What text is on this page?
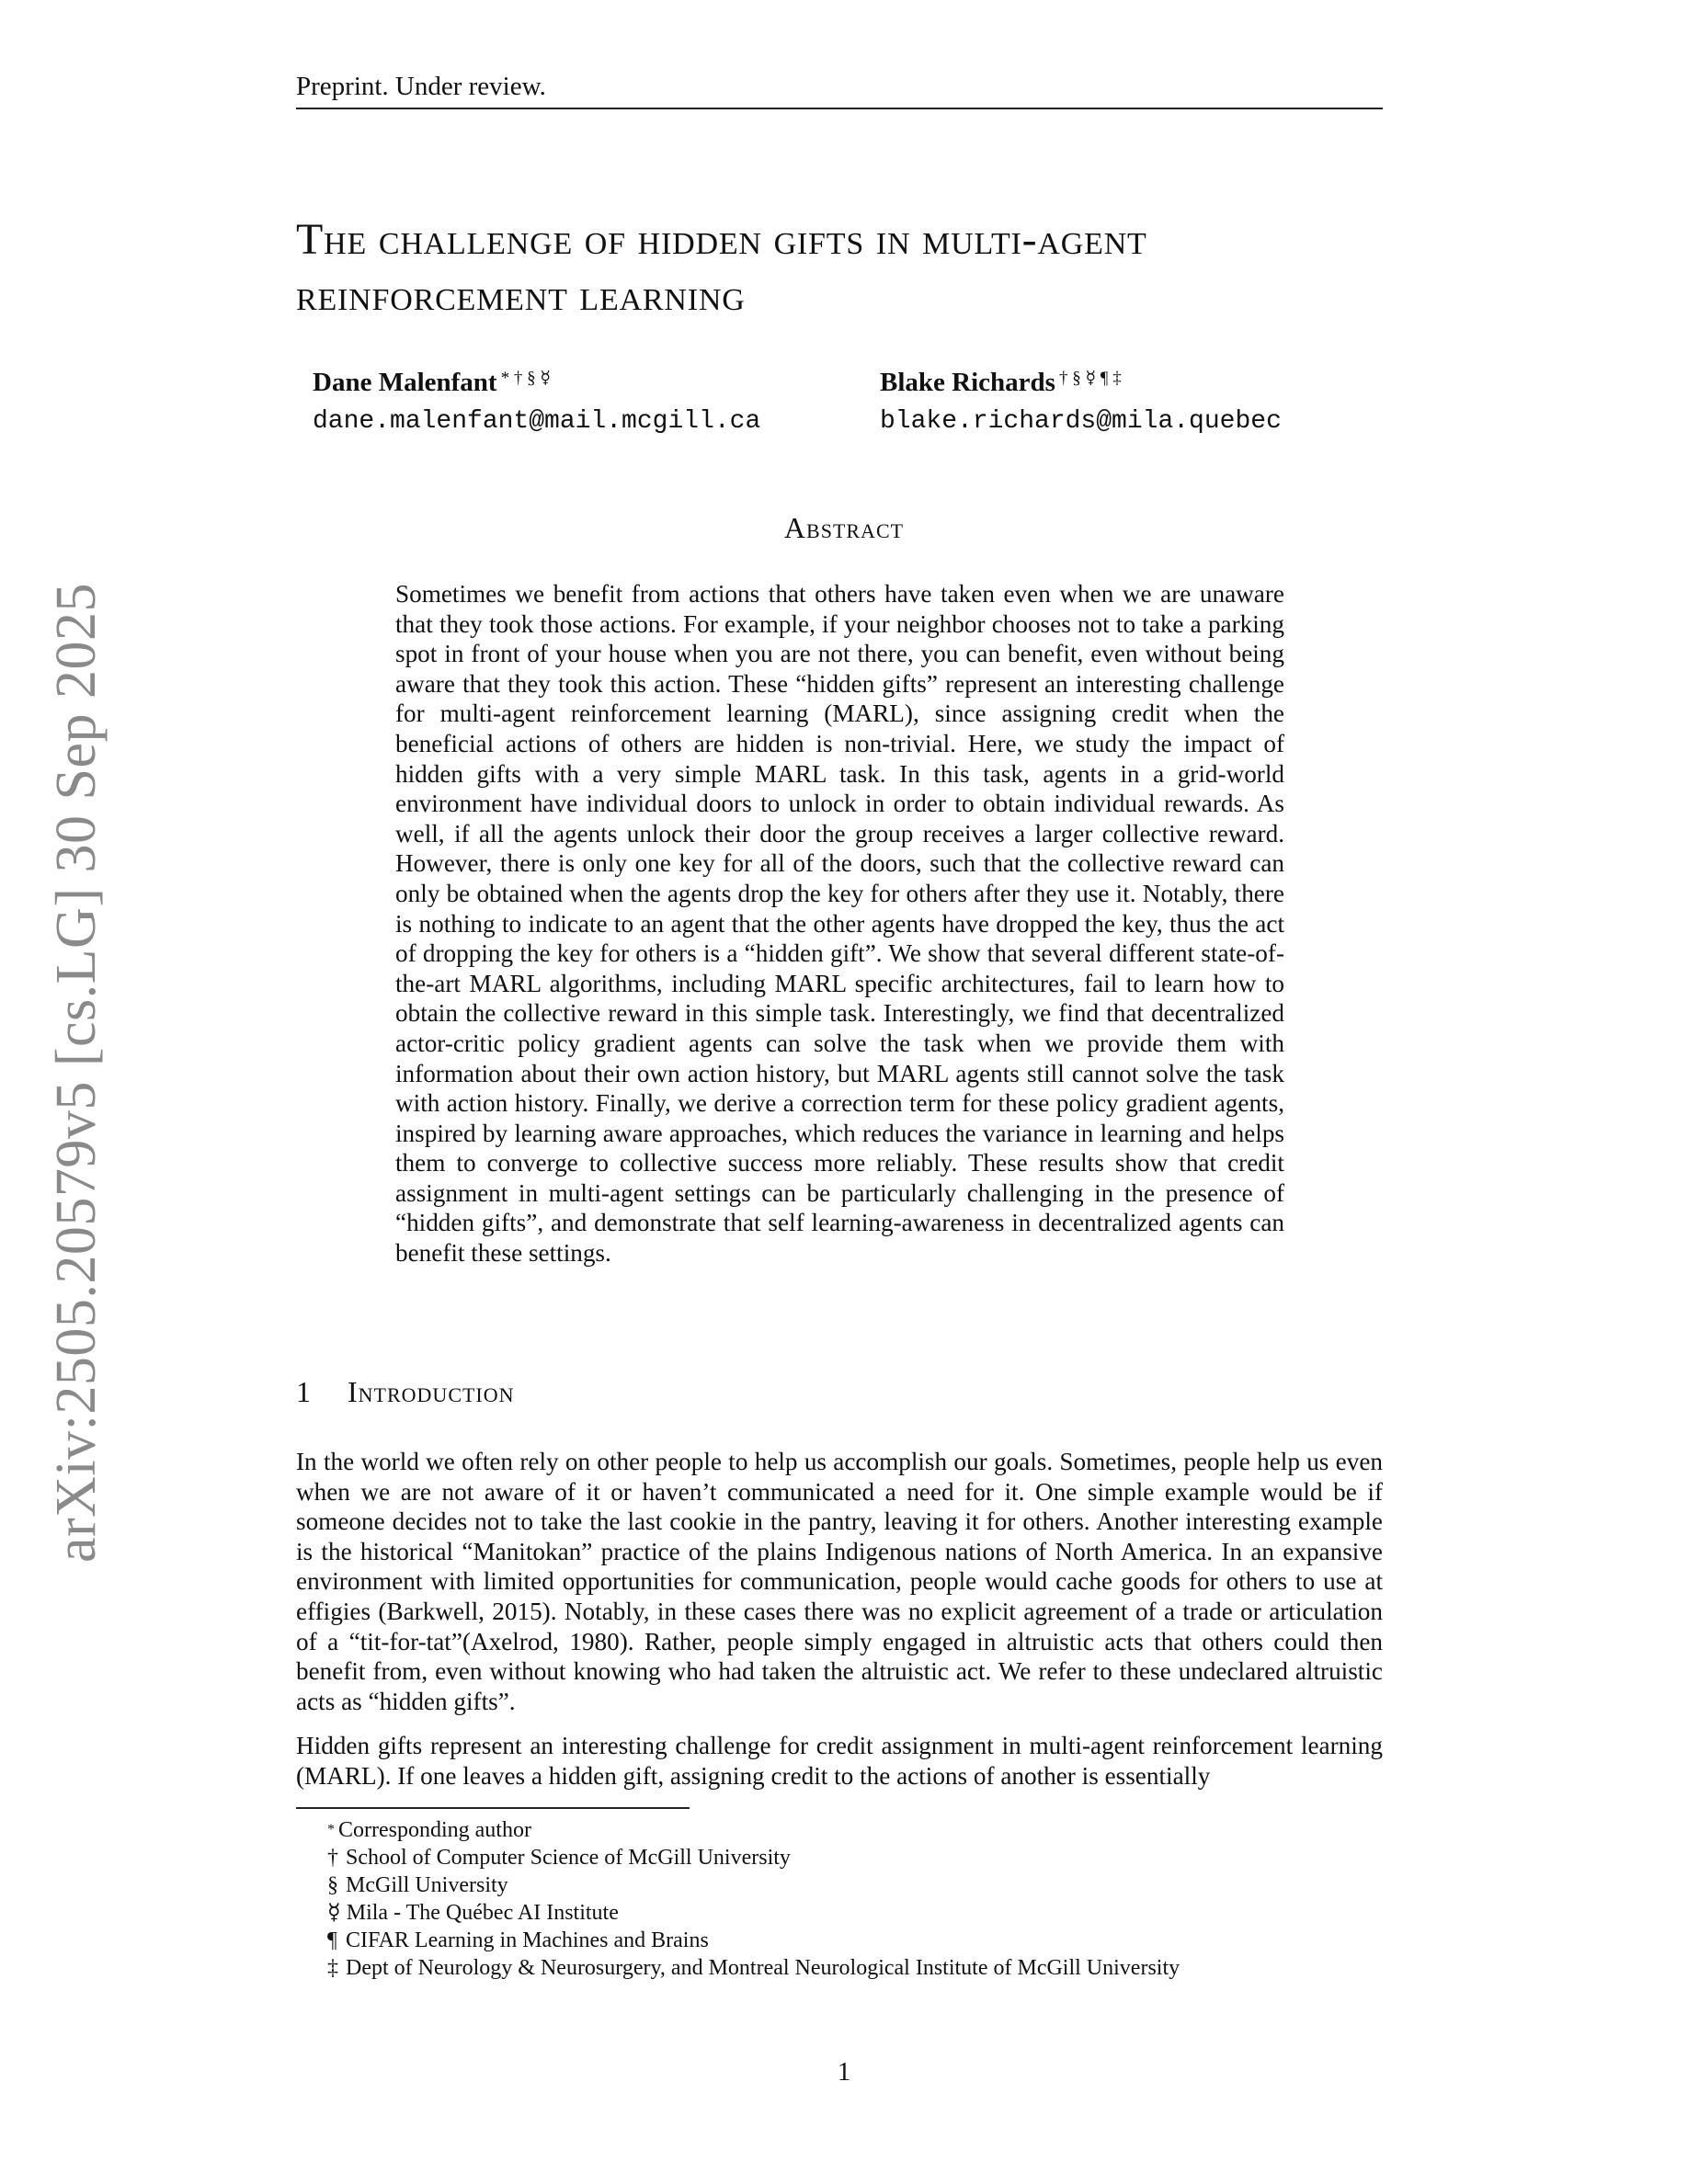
Preprint. Under review.
arXiv:2505.20579v5 [cs.LG] 30 Sep 2025
The challenge of hidden gifts in multi-agent
reinforcement learning
Dane Malenfant * † § ☿
dane.malenfant@mail.mcgill.ca
Blake Richards † § ☿ ¶ ‡
blake.richards@mila.quebec
Abstract
Sometimes we benefit from actions that others have taken even when we are unaware that they took those actions. For example, if your neighbor chooses not to take a parking spot in front of your house when you are not there, you can benefit, even without being aware that they took this action. These “hidden gifts” represent an interesting challenge for multi-agent reinforcement learning (MARL), since assigning credit when the beneficial actions of others are hidden is non-trivial. Here, we study the impact of hidden gifts with a very simple MARL task. In this task, agents in a grid-world environment have individual doors to unlock in order to obtain individual rewards. As well, if all the agents unlock their door the group receives a larger collective reward. However, there is only one key for all of the doors, such that the collective reward can only be obtained when the agents drop the key for others after they use it. Notably, there is nothing to indicate to an agent that the other agents have dropped the key, thus the act of dropping the key for others is a “hidden gift”. We show that several different state-of-the-art MARL algorithms, including MARL specific architectures, fail to learn how to obtain the collective reward in this simple task. Interestingly, we find that decentralized actor-critic policy gradient agents can solve the task when we provide them with information about their own action history, but MARL agents still cannot solve the task with action history. Finally, we derive a correction term for these policy gradient agents, inspired by learning aware approaches, which reduces the variance in learning and helps them to converge to collective success more reliably. These results show that credit assignment in multi-agent settings can be particularly challenging in the presence of “hidden gifts”, and demonstrate that self learning-awareness in decentralized agents can benefit these settings.
1 Introduction

In the world we often rely on other people to help us accomplish our goals. Sometimes, people help us even when we are not aware of it or haven’t communicated a need for it. One simple example would be if someone decides not to take the last cookie in the pantry, leaving it for others. Another interesting example is the historical “Manitokan” practice of the plains Indigenous nations of North America. In an expansive environment with limited opportunities for communication, people would cache goods for others to use at effigies (Barkwell, 2015). Notably, in these cases there was no explicit agreement of a trade or articulation of a “tit-for-tat”(Axelrod, 1980). Rather, people simply engaged in altruistic acts that others could then benefit from, even without knowing who had taken the altruistic act. We refer to these undeclared altruistic acts as “hidden gifts”.

Hidden gifts represent an interesting challenge for credit assignment in multi-agent reinforcement learning (MARL). If one leaves a hidden gift, assigning credit to the actions of another is essentially

* Corresponding author
† School of Computer Science of McGill University
§ McGill University
☿ Mila - The Québec AI Institute
¶ CIFAR Learning in Machines and Brains
‡ Dept of Neurology & Neurosurgery, and Montreal Neurological Institute of McGill University
1
